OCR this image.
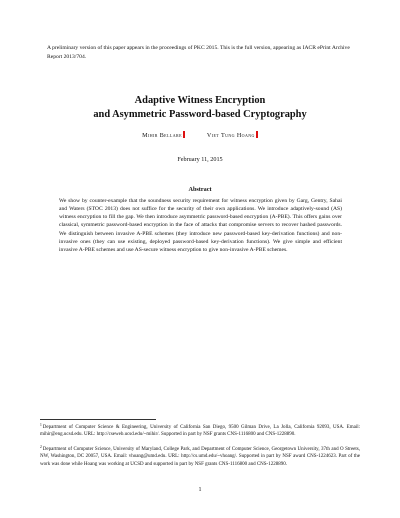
A preliminary version of this paper appears in the proceedings of PKC 2015. This is the full version, appearing as IACR ePrint Archive Report 2013/704.
Adaptive Witness Encryption
and Asymmetric Password-based Cryptography
Mihir Bellare	Viet Tung Hoang
February 11, 2015
Abstract
We show by counter-example that the soundness security requirement for witness encryption given by Garg, Gentry, Sahai and Waters (STOC 2013) does not suffice for the security of their own applications. We introduce adaptively-sound (AS) witness encryption to fill the gap. We then introduce asymmetric password-based encryption (A-PBE). This offers gains over classical, symmetric password-based encryption in the face of attacks that compromise servers to recover hashed passwords. We distinguish between invasive A-PBE schemes (they introduce new password-based key-derivation functions) and non-invasive ones (they can use existing, deployed password-based key-derivation functions). We give simple and efficient invasive A-PBE schemes and use AS-secure witness encryption to give non-invasive A-PBE schemes.
$^1$Department of Computer Science & Engineering, University of California San Diego, 9500 Gilman Drive, La Jolla, California 92093, USA. Email: mihir@eng.ucsd.edu. URL: http://cseweb.ucsd.edu/~mihir/. Supported in part by NSF grants CNS-1116800 and CNS-1228890.
$^2$Department of Computer Science, University of Maryland, College Park, and Department of Computer Science, Georgetown University, 37th and O Streets, NW, Washington, DC 20057, USA. Email: vhoang@umd.edu. URL: http://cs.umd.edu/~vhoang/. Supported in part by NSF award CNS-1224623. Part of the work was done while Hoang was working at UCSD and supported in part by NSF grants CNS-1116800 and CNS-1228890.
1
